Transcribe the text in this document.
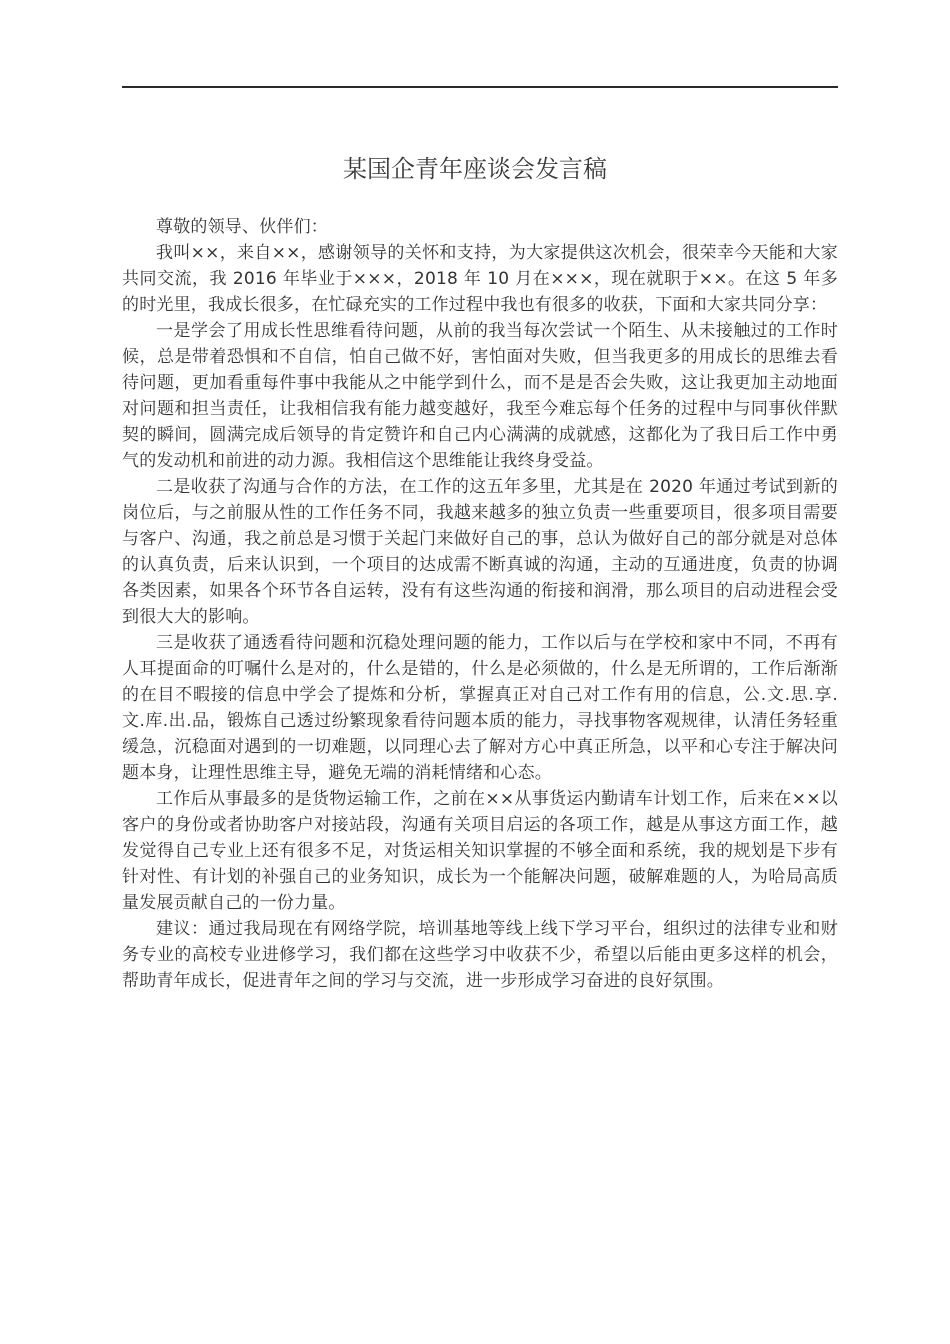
某国企青年座谈会发言稿

尊敬的领导、伙伴们：

我叫××，来自××，感谢领导的关怀和支持，为大家提供这次机会，很荣幸今天能和大家共同交流，我 2016 年毕业于×××，2018 年 10 月在×××，现在就职于××。在这 5 年多的时光里，我成长很多，在忙碌充实的工作过程中我也有很多的收获，下面和大家共同分享：

一是学会了用成长性思维看待问题，从前的我当每次尝试一个陌生、从未接触过的工作时候，总是带着恐惧和不自信，怕自己做不好，害怕面对失败，但当我更多的用成长的思维去看待问题，更加看重每件事中我能从之中能学到什么，而不是是否会失败，这让我更加主动地面对问题和担当责任，让我相信我有能力越变越好，我至今难忘每个任务的过程中与同事伙伴默契的瞬间，圆满完成后领导的肯定赞许和自己内心满满的成就感，这都化为了我日后工作中勇气的发动机和前进的动力源。我相信这个思维能让我终身受益。

二是收获了沟通与合作的方法，在工作的这五年多里，尤其是在 2020 年通过考试到新的岗位后，与之前服从性的工作任务不同，我越来越多的独立负责一些重要项目，很多项目需要与客户、沟通，我之前总是习惯于关起门来做好自己的事，总认为做好自己的部分就是对总体的认真负责，后来认识到，一个项目的达成需不断真诚的沟通，主动的互通进度，负责的协调各类因素，如果各个环节各自运转，没有有这些沟通的衔接和润滑，那么项目的启动进程会受到很大大的影响。

三是收获了通透看待问题和沉稳处理问题的能力，工作以后与在学校和家中不同，不再有人耳提面命的叮嘱什么是对的，什么是错的，什么是必须做的，什么是无所谓的，工作后渐渐的在目不暇接的信息中学会了提炼和分析，掌握真正对自己对工作有用的信息，公.文.思.享.文.库.出.品，锻炼自己透过纷繁现象看待问题本质的能力，寻找事物客观规律，认清任务轻重缓急，沉稳面对遇到的一切难题，以同理心去了解对方心中真正所急，以平和心专注于解决问题本身，让理性思维主导，避免无端的消耗情绪和心态。

工作后从事最多的是货物运输工作，之前在××从事货运内勤请车计划工作，后来在××以客户的身份或者协助客户对接站段，沟通有关项目启运的各项工作，越是从事这方面工作，越发觉得自己专业上还有很多不足，对货运相关知识掌握的不够全面和系统，我的规划是下步有针对性、有计划的补强自己的业务知识，成长为一个能解决问题，破解难题的人，为哈局高质量发展贡献自己的一份力量。

建议：通过我局现在有网络学院，培训基地等线上线下学习平台，组织过的法律专业和财务专业的高校专业进修学习，我们都在这些学习中收获不少，希望以后能由更多这样的机会，帮助青年成长，促进青年之间的学习与交流，进一步形成学习奋进的良好氛围。
